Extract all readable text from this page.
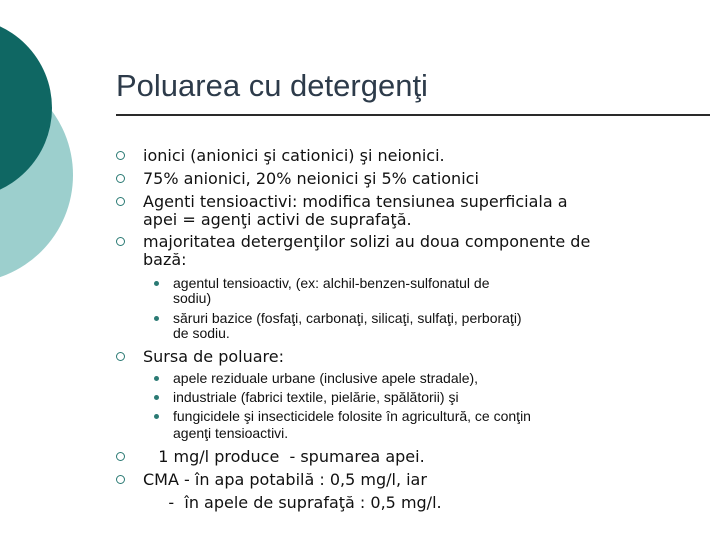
Poluarea cu detergenţi
ionici (anionici şi cationici) şi neionici.
75% anionici, 20% neionici şi 5% cationici
Agenti tensioactivi: modifica tensiunea superficiala a
apei = agenţi activi de suprafaţă.
majoritatea detergenţilor solizi au doua componente de
bază:
agentul tensioactiv, (ex: alchil-benzen-sulfonatul de
sodiu)
săruri bazice (fosfaţi, carbonaţi, silicaţi, sulfaţi, perboraţi)
de sodiu.
Sursa de poluare:
apele reziduale urbane (inclusive apele stradale),
industriale (fabrici textile, pielărie, spălătorii) şi
fungicidele şi insecticidele folosite în agricultură, ce conţin
agenţi tensioactivi.
1 mg/l produce  - spumarea apei.
CMA - în apa potabilă : 0,5 mg/l, iar
-  în apele de suprafaţă : 0,5 mg/l.
